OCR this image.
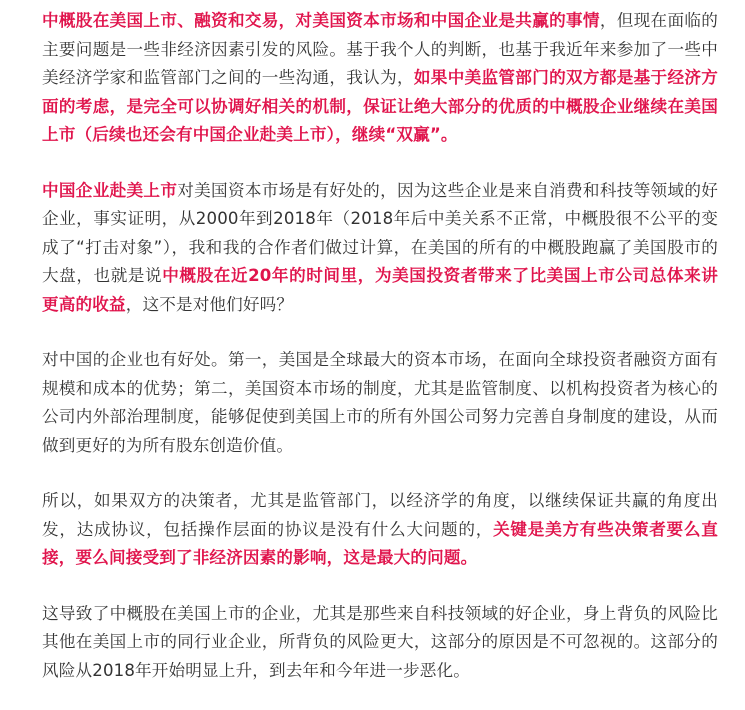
中概股在美国上市、融资和交易，对美国资本市场和中国企业是共赢的事情，但现在面临的主要问题是一些非经济因素引发的风险。基于我个人的判断，也基于我近年来参加了一些中美经济学家和监管部门之间的一些沟通，我认为，如果中美监管部门的双方都是基于经济方面的考虑，是完全可以协调好相关的机制，保证让绝大部分的优质的中概股企业继续在美国上市（后续也还会有中国企业赴美上市），继续“双赢”。

中国企业赴美上市对美国资本市场是有好处的，因为这些企业是来自消费和科技等领域的好企业，事实证明，从2000年到2018年（2018年后中美关系不正常，中概股很不公平的变成了“打击对象”），我和我的合作者们做过计算，在美国的所有的中概股跑赢了美国股市的大盘，也就是说中概股在近20年的时间里，为美国投资者带来了比美国上市公司总体来讲更高的收益，这不是对他们好吗？

对中国的企业也有好处。第一，美国是全球最大的资本市场，在面向全球投资者融资方面有规模和成本的优势；第二，美国资本市场的制度，尤其是监管制度、以机构投资者为核心的公司内外部治理制度，能够促使到美国上市的所有外国公司努力完善自身制度的建设，从而做到更好的为所有股东创造价值。

所以，如果双方的决策者，尤其是监管部门，以经济学的角度，以继续保证共赢的角度出发，达成协议，包括操作层面的协议是没有什么大问题的，关键是美方有些决策者要么直接，要么间接受到了非经济因素的影响，这是最大的问题。

这导致了中概股在美国上市的企业，尤其是那些来自科技领域的好企业，身上背负的风险比其他在美国上市的同行业企业，所背负的风险更大，这部分的原因是不可忽视的。这部分的风险从2018年开始明显上升，到去年和今年进一步恶化。
